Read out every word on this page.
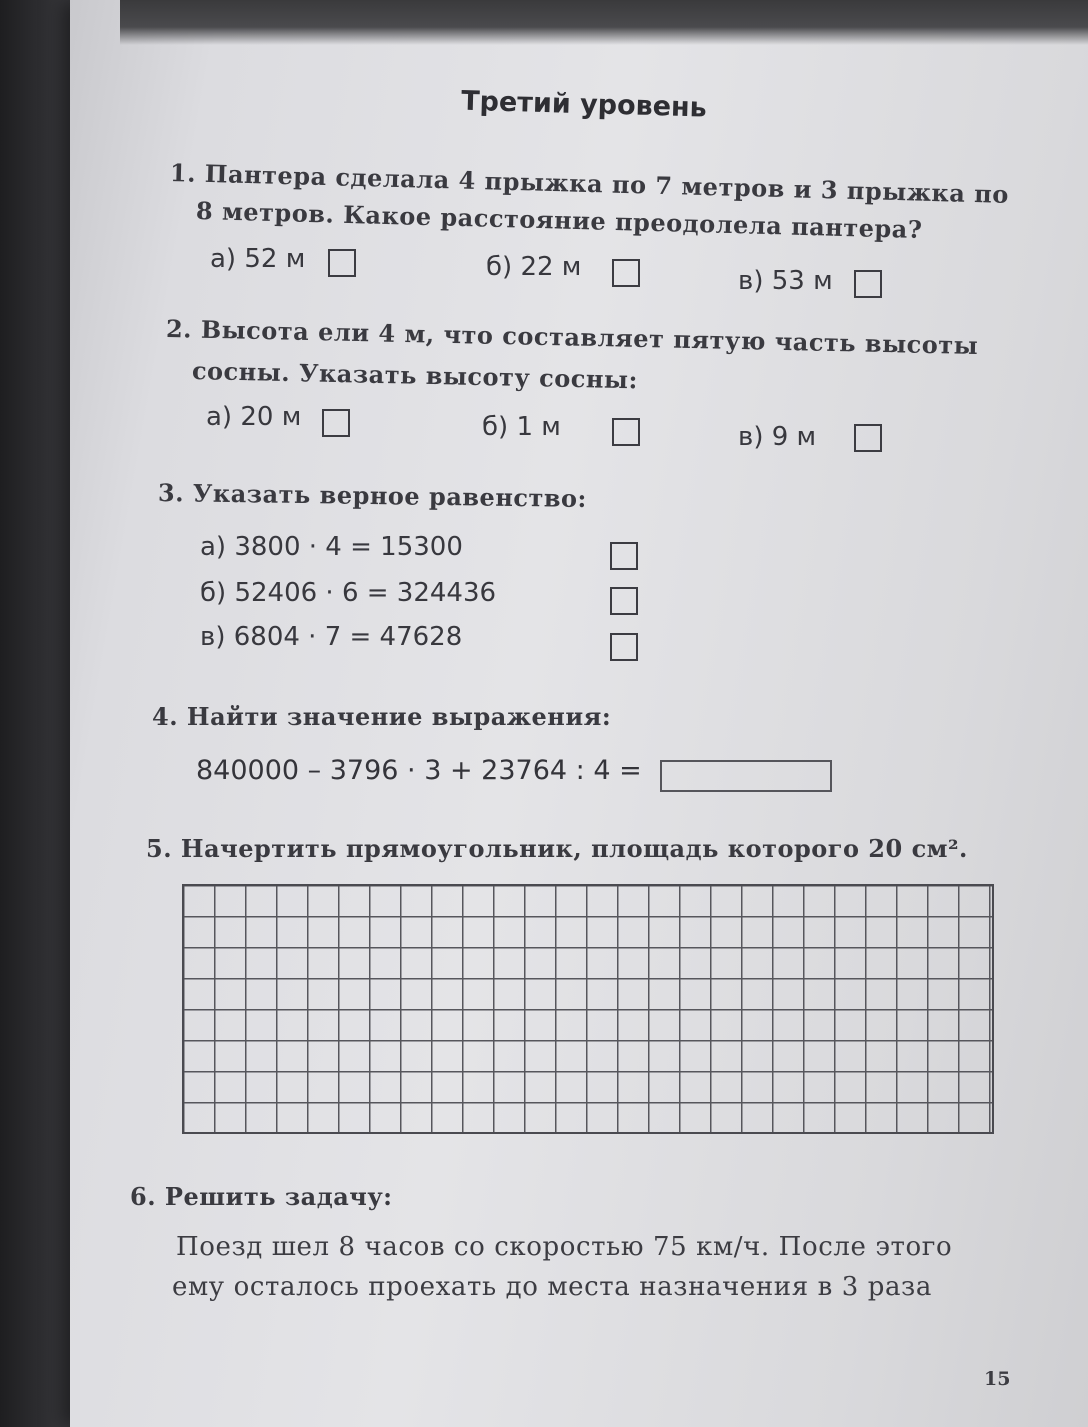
Третий уровень
1. Пантера сделала 4 прыжка по 7 метров и 3 прыжка по
8 метров. Какое расстояние преодолела пантера?
а) 52 м	б) 22 м	в) 53 м
2. Высота ели 4 м, что составляет пятую часть высоты
сосны. Указать высоту сосны:
а) 20 м	б) 1 м	в) 9 м
3. Указать верное равенство:
а) 3800 · 4 = 15300
б) 52406 · 6 = 324436
в) 6804 · 7 = 47628
4. Найти значение выражения:
840000 – 3796 · 3 + 23764 : 4 =
5. Начертить прямоугольник, площадь которого 20 см².
6. Решить задачу:
Поезд шел 8 часов со скоростью 75 км/ч. После этого
ему осталось проехать до места назначения в 3 раза
15
